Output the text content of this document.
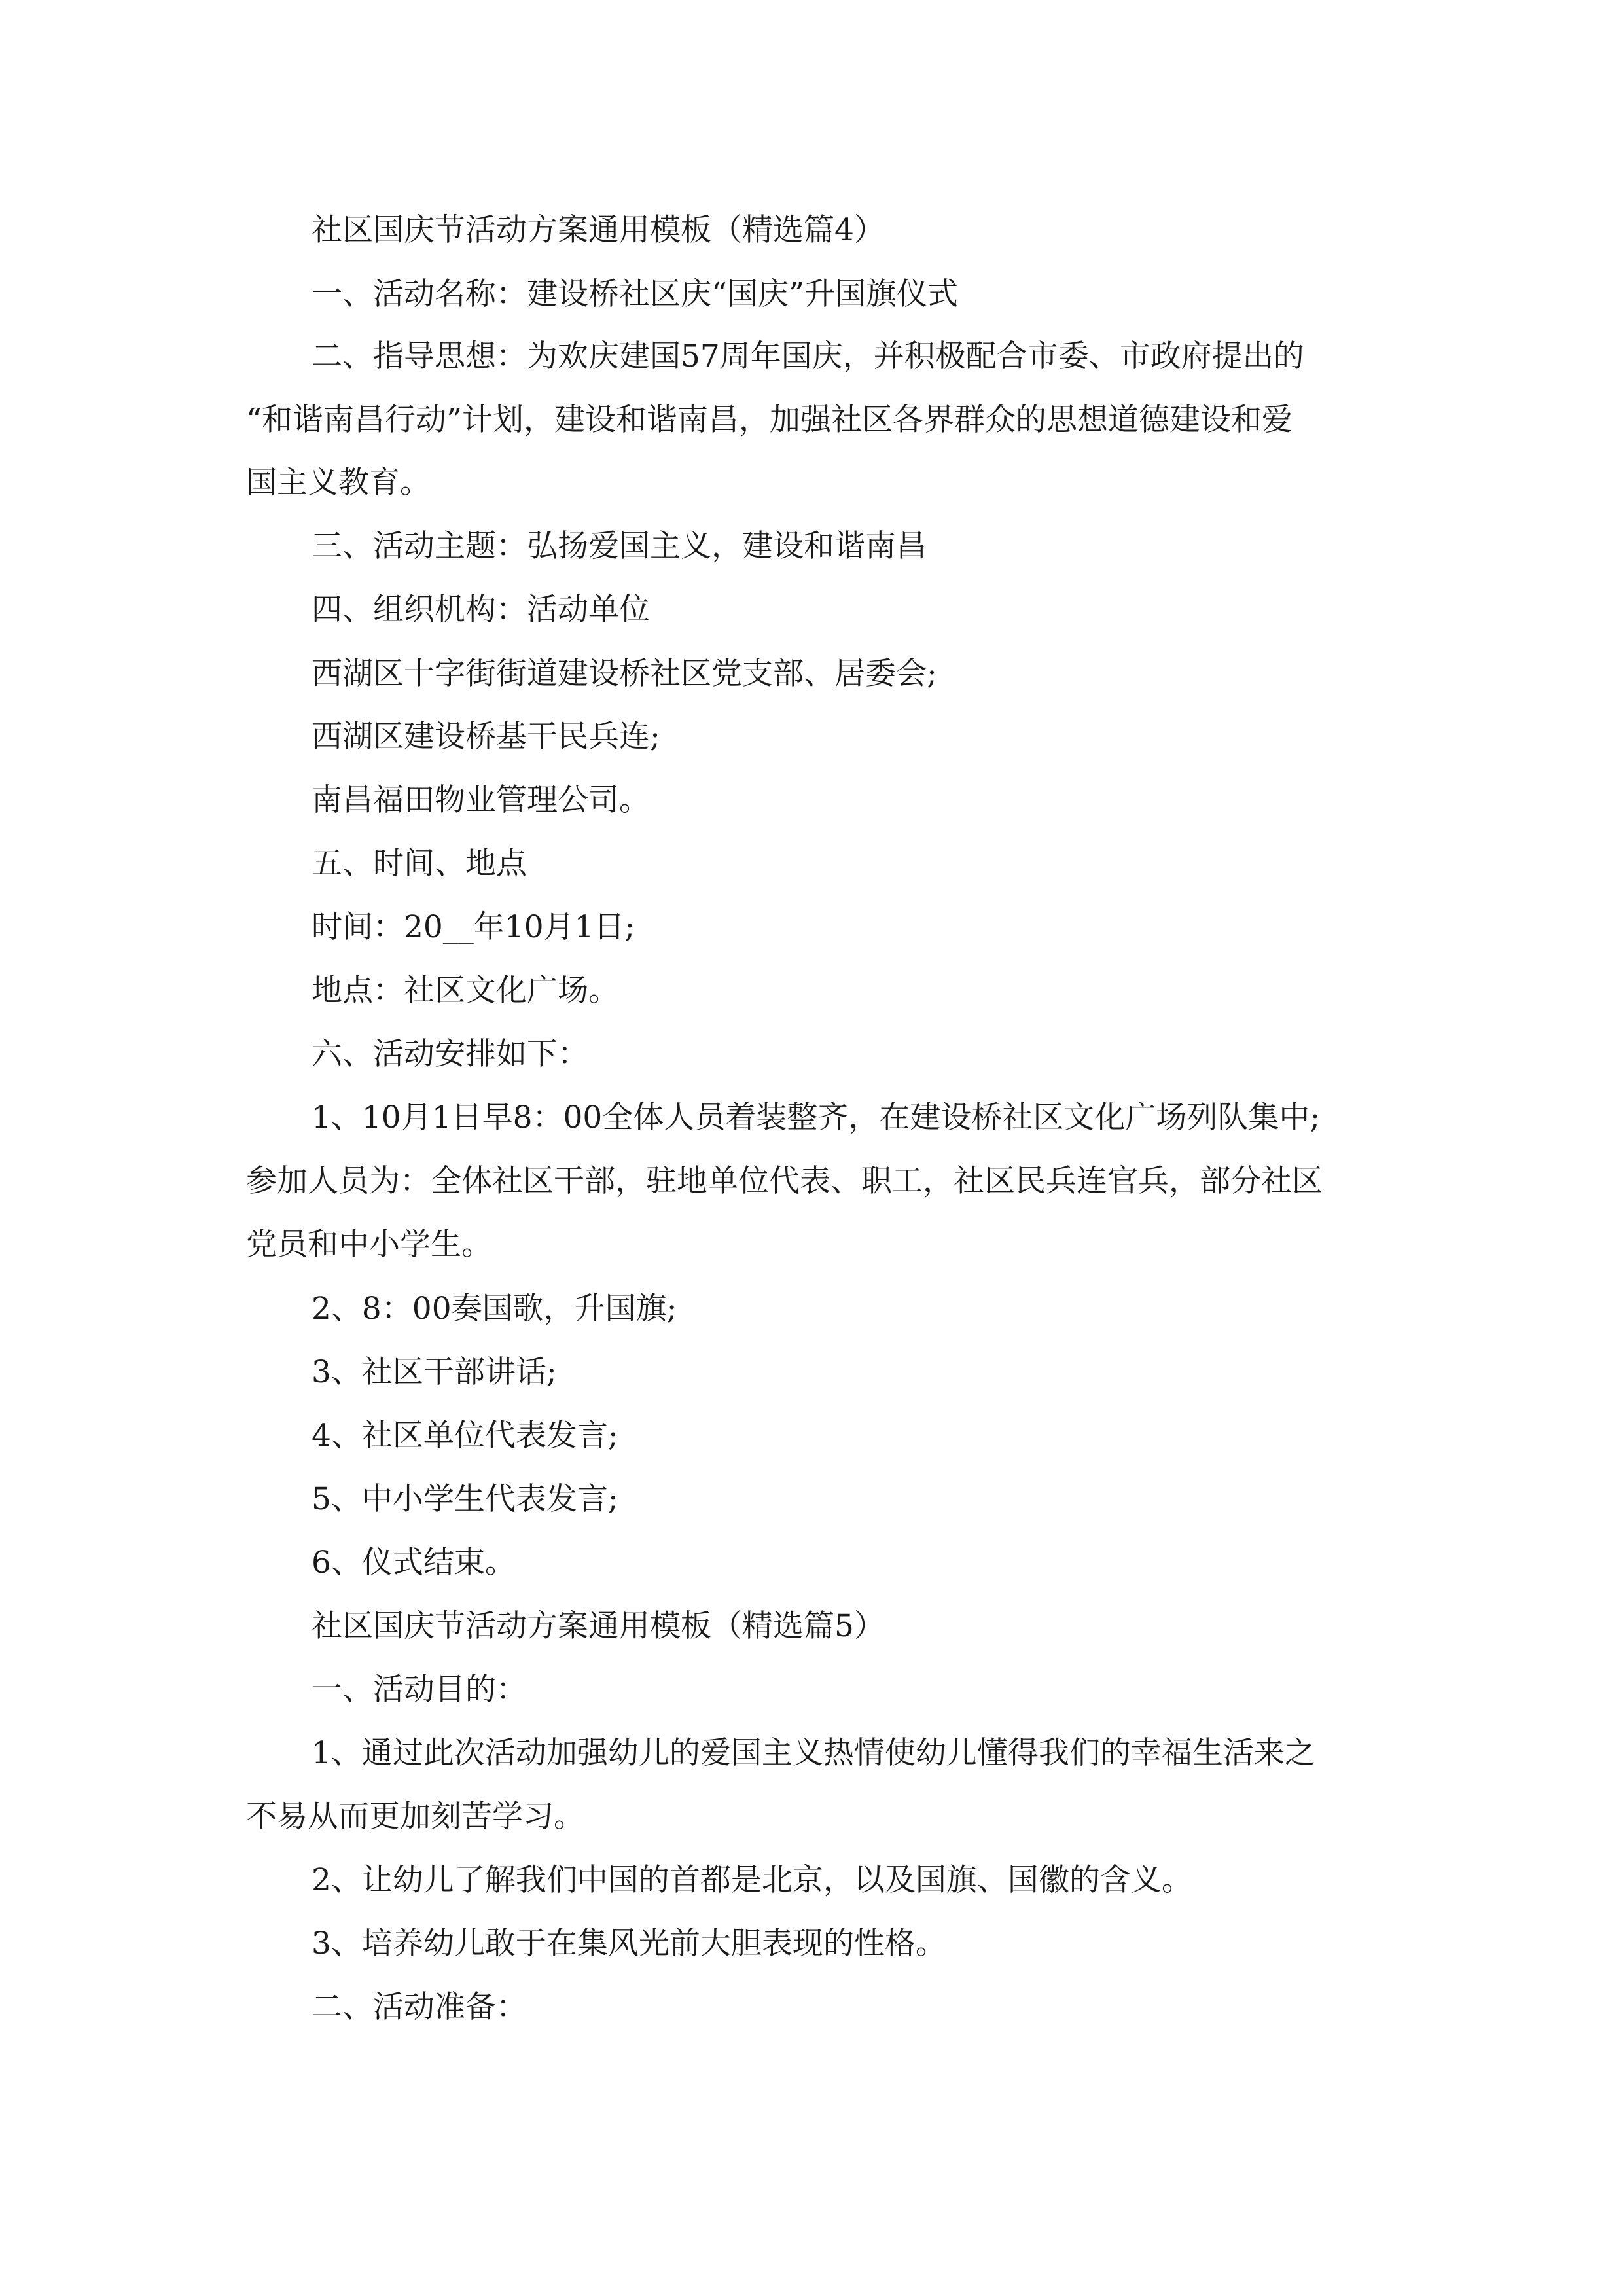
社区国庆节活动方案通用模板（精选篇4）
一、活动名称：建设桥社区庆“国庆”升国旗仪式
二、指导思想：为欢庆建国57周年国庆，并积极配合市委、市政府提出的
“和谐南昌行动”计划，建设和谐南昌，加强社区各界群众的思想道德建设和爱
国主义教育。
三、活动主题：弘扬爱国主义，建设和谐南昌
四、组织机构：活动单位
西湖区十字街街道建设桥社区党支部、居委会;
西湖区建设桥基干民兵连;
南昌福田物业管理公司。
五、时间、地点
时间：20__年10月1日;
地点：社区文化广场。
六、活动安排如下：
1、10月1日早8：00全体人员着装整齐，在建设桥社区文化广场列队集中;
参加人员为：全体社区干部，驻地单位代表、职工，社区民兵连官兵，部分社区
党员和中小学生。
2、8：00奏国歌，升国旗;
3、社区干部讲话;
4、社区单位代表发言;
5、中小学生代表发言;
6、仪式结束。
社区国庆节活动方案通用模板（精选篇5）
一、活动目的：
1、通过此次活动加强幼儿的爱国主义热情使幼儿懂得我们的幸福生活来之
不易从而更加刻苦学习。
2、让幼儿了解我们中国的首都是北京，以及国旗、国徽的含义。
3、培养幼儿敢于在集风光前大胆表现的性格。
二、活动准备：
